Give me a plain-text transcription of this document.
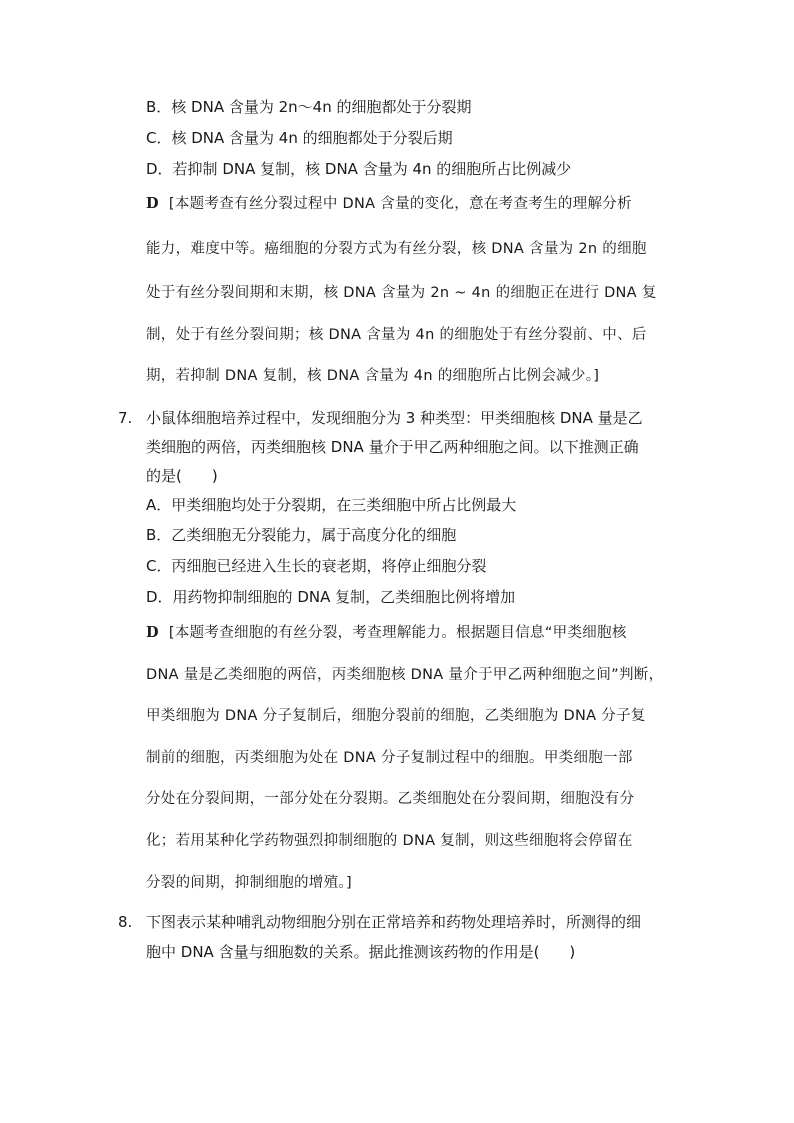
B．核 DNA 含量为 2n～4n 的细胞都处于分裂期
C．核 DNA 含量为 4n 的细胞都处于分裂后期
D．若抑制 DNA 复制，核 DNA 含量为 4n 的细胞所占比例减少
D [本题考查有丝分裂过程中 DNA 含量的变化，意在考查考生的理解分析
能力，难度中等。癌细胞的分裂方式为有丝分裂，核 DNA 含量为 2n 的细胞
处于有丝分裂间期和末期，核 DNA 含量为 2n ~ 4n 的细胞正在进行 DNA 复
制，处于有丝分裂间期；核 DNA 含量为 4n 的细胞处于有丝分裂前、中、后
期，若抑制 DNA 复制，核 DNA 含量为 4n 的细胞所占比例会减少。]
7. 小鼠体细胞培养过程中，发现细胞分为 3 种类型：甲类细胞核 DNA 量是乙
类细胞的两倍，丙类细胞核 DNA 量介于甲乙两种细胞之间。以下推测正确
的是(　　)
A．甲类细胞均处于分裂期，在三类细胞中所占比例最大
B．乙类细胞无分裂能力，属于高度分化的细胞
C．丙细胞已经进入生长的衰老期，将停止细胞分裂
D．用药物抑制细胞的 DNA 复制，乙类细胞比例将增加
D [本题考查细胞的有丝分裂，考查理解能力。根据题目信息“甲类细胞核
DNA 量是乙类细胞的两倍，丙类细胞核 DNA 量介于甲乙两种细胞之间”判断，
甲类细胞为 DNA 分子复制后，细胞分裂前的细胞，乙类细胞为 DNA 分子复
制前的细胞，丙类细胞为处在 DNA 分子复制过程中的细胞。甲类细胞一部
分处在分裂间期，一部分处在分裂期。乙类细胞处在分裂间期，细胞没有分
化；若用某种化学药物强烈抑制细胞的 DNA 复制，则这些细胞将会停留在
分裂的间期，抑制细胞的增殖。]
8. 下图表示某种哺乳动物细胞分别在正常培养和药物处理培养时，所测得的细
胞中 DNA 含量与细胞数的关系。据此推测该药物的作用是(　　)
